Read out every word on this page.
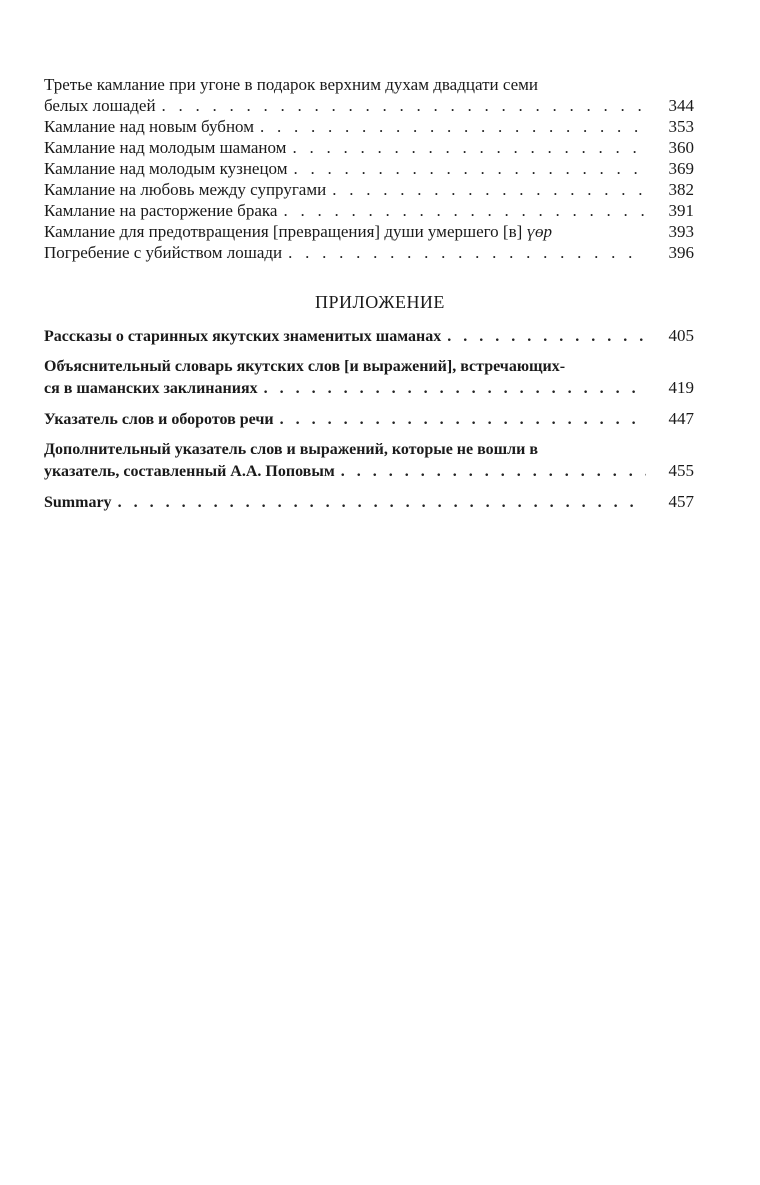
Третье камлание при угоне в подарок верхним духам двадцати семи
белых лошадей . .	344
Камлание над новым бубном . .	353
Камлание над молодым шаманом . .	360
Камлание над молодым кузнецом . .	369
Камлание на любовь между супругами . .	382
Камлание на расторжение брака . .	391
Камлание для предотвращения [превращения] души умершего [в] үөр	393
Погребение с убийством лошади . .	396
ПРИЛОЖЕНИЕ
Рассказы о старинных якутских знаменитых шаманах . .	405
Объяснительный словарь якутских слов [и выражений], встречающих-
ся в шаманских заклинаниях . .	419
Указатель слов и оборотов речи . .	447
Дополнительный указатель слов и выражений, которые не вошли в
указатель, составленный А.А. Поповым . .	455
Summary . .	457
